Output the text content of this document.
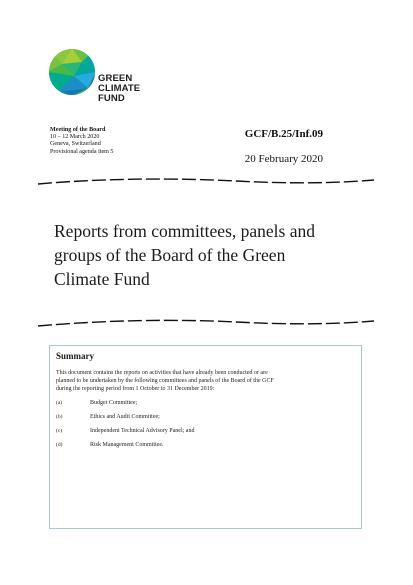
GREEN
CLIMATE
FUND
Meeting of the Board
10 – 12 March 2020
Geneva, Switzerland
Provisional agenda item 5
GCF/B.25/Inf.09
20 February 2020
Reports from committees, panels and
groups of the Board of the Green
Climate Fund
Summary

This document contains the reports on activities that have already been conducted or are
planned to be undertaken by the following committees and panels of the Board of the GCF
during the reporting period from 1 October to 31 December 2019:

(a)	Budget Committee;
(b)	Ethics and Audit Committee;
(c)	Independent Technical Advisory Panel; and
(d)	Risk Management Committee.
